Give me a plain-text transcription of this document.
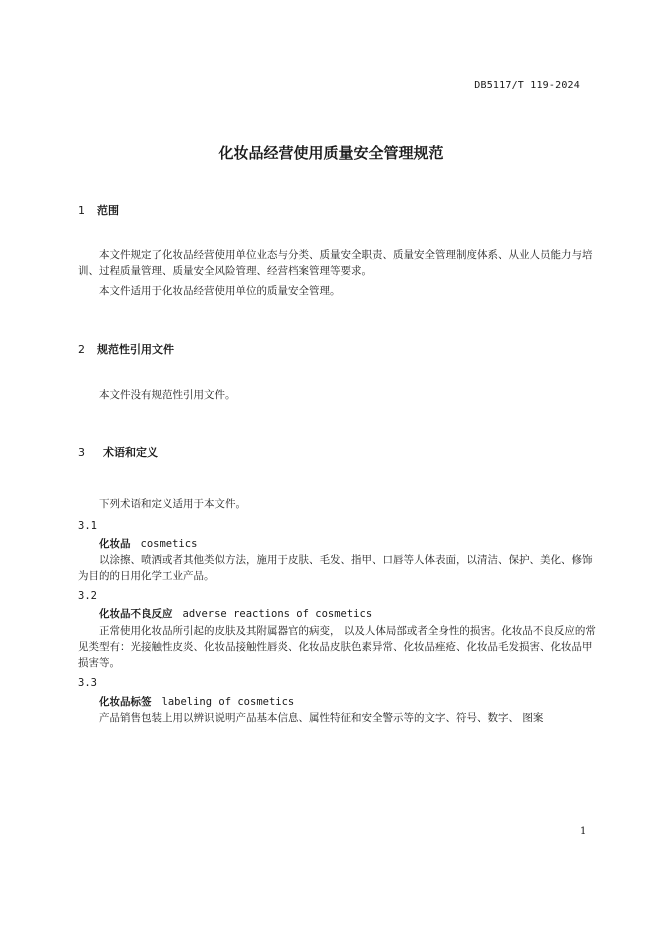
DB5117/T 119-2024
化妆品经营使用质量安全管理规范
1 范围
本文件规定了化妆品经营使用单位业态与分类、质量安全职责、质量安全管理制度体系、从业人员能力与培训、过程质量管理、质量安全风险管理、经营档案管理等要求。
本文件适用于化妆品经营使用单位的质量安全管理。
2 规范性引用文件
本文件没有规范性引用文件。
3 术语和定义
下列术语和定义适用于本文件。
3.1
化妆品 cosmetics
以涂擦、喷洒或者其他类似方法，施用于皮肤、毛发、指甲、口唇等人体表面，以清洁、保护、美化、修饰为目的的日用化学工业产品。
3.2
化妆品不良反应 adverse reactions of cosmetics
正常使用化妆品所引起的皮肤及其附属器官的病变， 以及人体局部或者全身性的损害。化妆品不良反应的常见类型有：光接触性皮炎、化妆品接触性唇炎、化妆品皮肤色素异常、化妆品痤疮、化妆品毛发损害、化妆品甲损害等。
3.3
化妆品标签 labeling of cosmetics
产品销售包装上用以辨识说明产品基本信息、属性特征和安全警示等的文字、符号、数字、 图案
1
